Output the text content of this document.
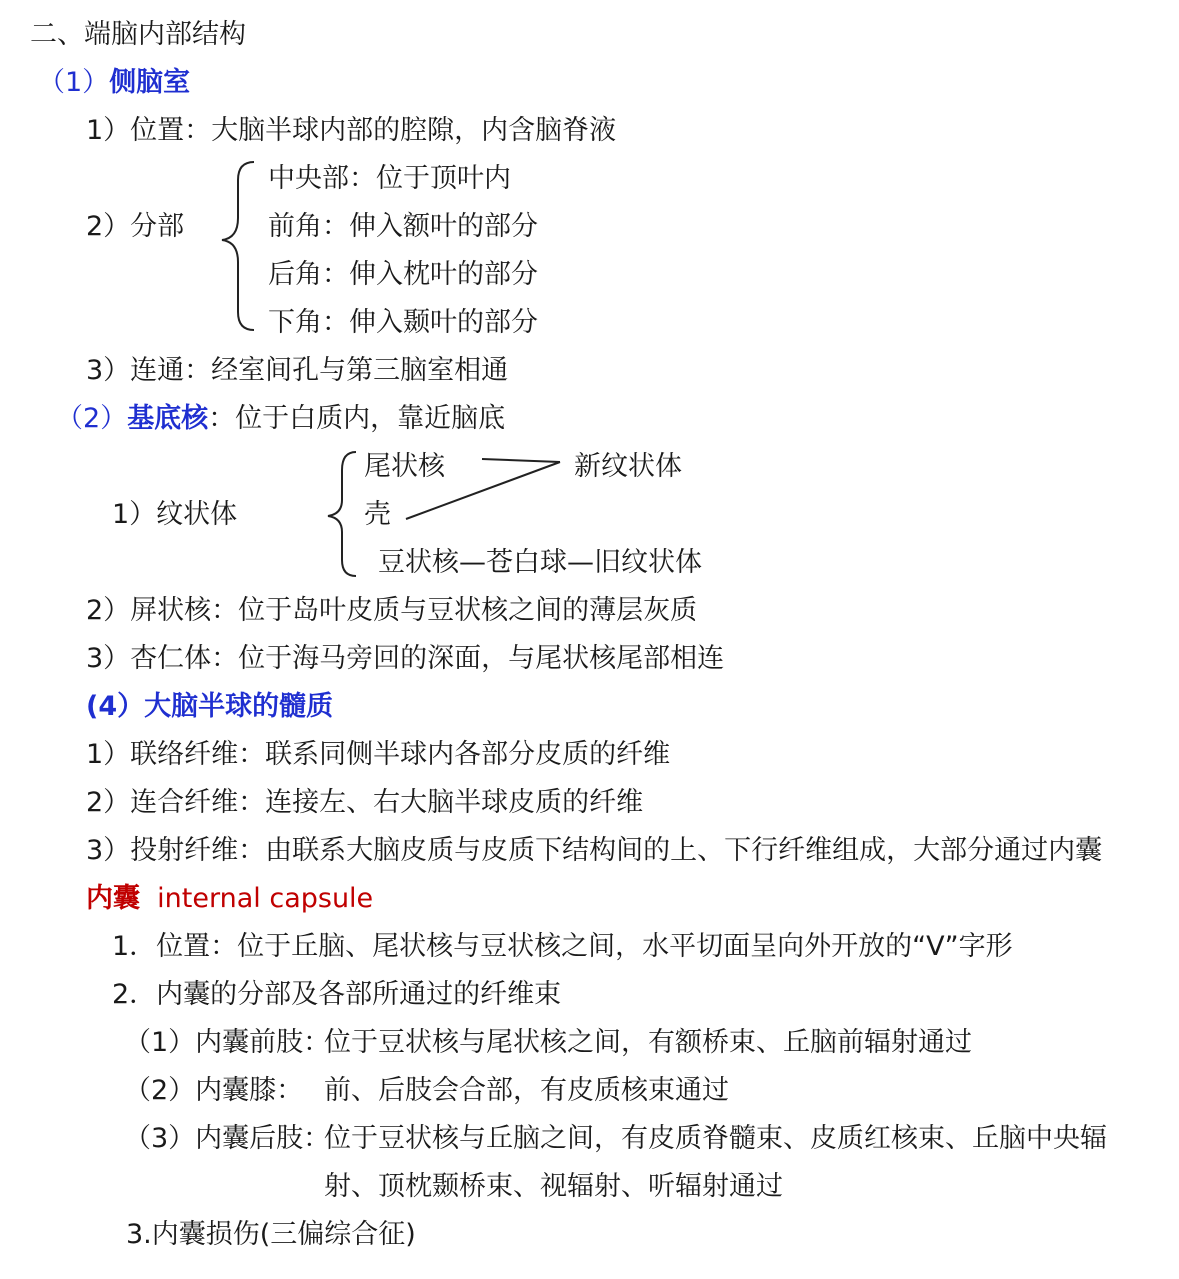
二、端脑内部结构
（1）侧脑室
1）位置：大脑半球内部的腔隙，内含脑脊液
2）分部
中央部：位于顶叶内
前角：伸入额叶的部分
后角：伸入枕叶的部分
下角：伸入颞叶的部分
3）连通：经室间孔与第三脑室相通
（2）基底核：位于白质内，靠近脑底
1）纹状体
尾状核	新纹状体
壳
豆状核—苍白球—旧纹状体
2）屏状核：位于岛叶皮质与豆状核之间的薄层灰质
3）杏仁体：位于海马旁回的深面，与尾状核尾部相连
(4）大脑半球的髓质
1）联络纤维：联系同侧半球内各部分皮质的纤维
2）连合纤维：连接左、右大脑半球皮质的纤维
3）投射纤维：由联系大脑皮质与皮质下结构间的上、下行纤维组成，大部分通过内囊
内囊 internal capsule
1．位置：位于丘脑、尾状核与豆状核之间，水平切面呈向外开放的“V”字形
2．内囊的分部及各部所通过的纤维束
（1）内囊前肢：
位于豆状核与尾状核之间，有额桥束、丘脑前辐射通过
（2）内囊膝： 前、后肢会合部，有皮质核束通过
（3）内囊后肢：
位于豆状核与丘脑之间，有皮质脊髓束、皮质红核束、丘脑中央辐
射、顶枕颞桥束、视辐射、听辐射通过
3.内囊损伤(三偏综合征)
